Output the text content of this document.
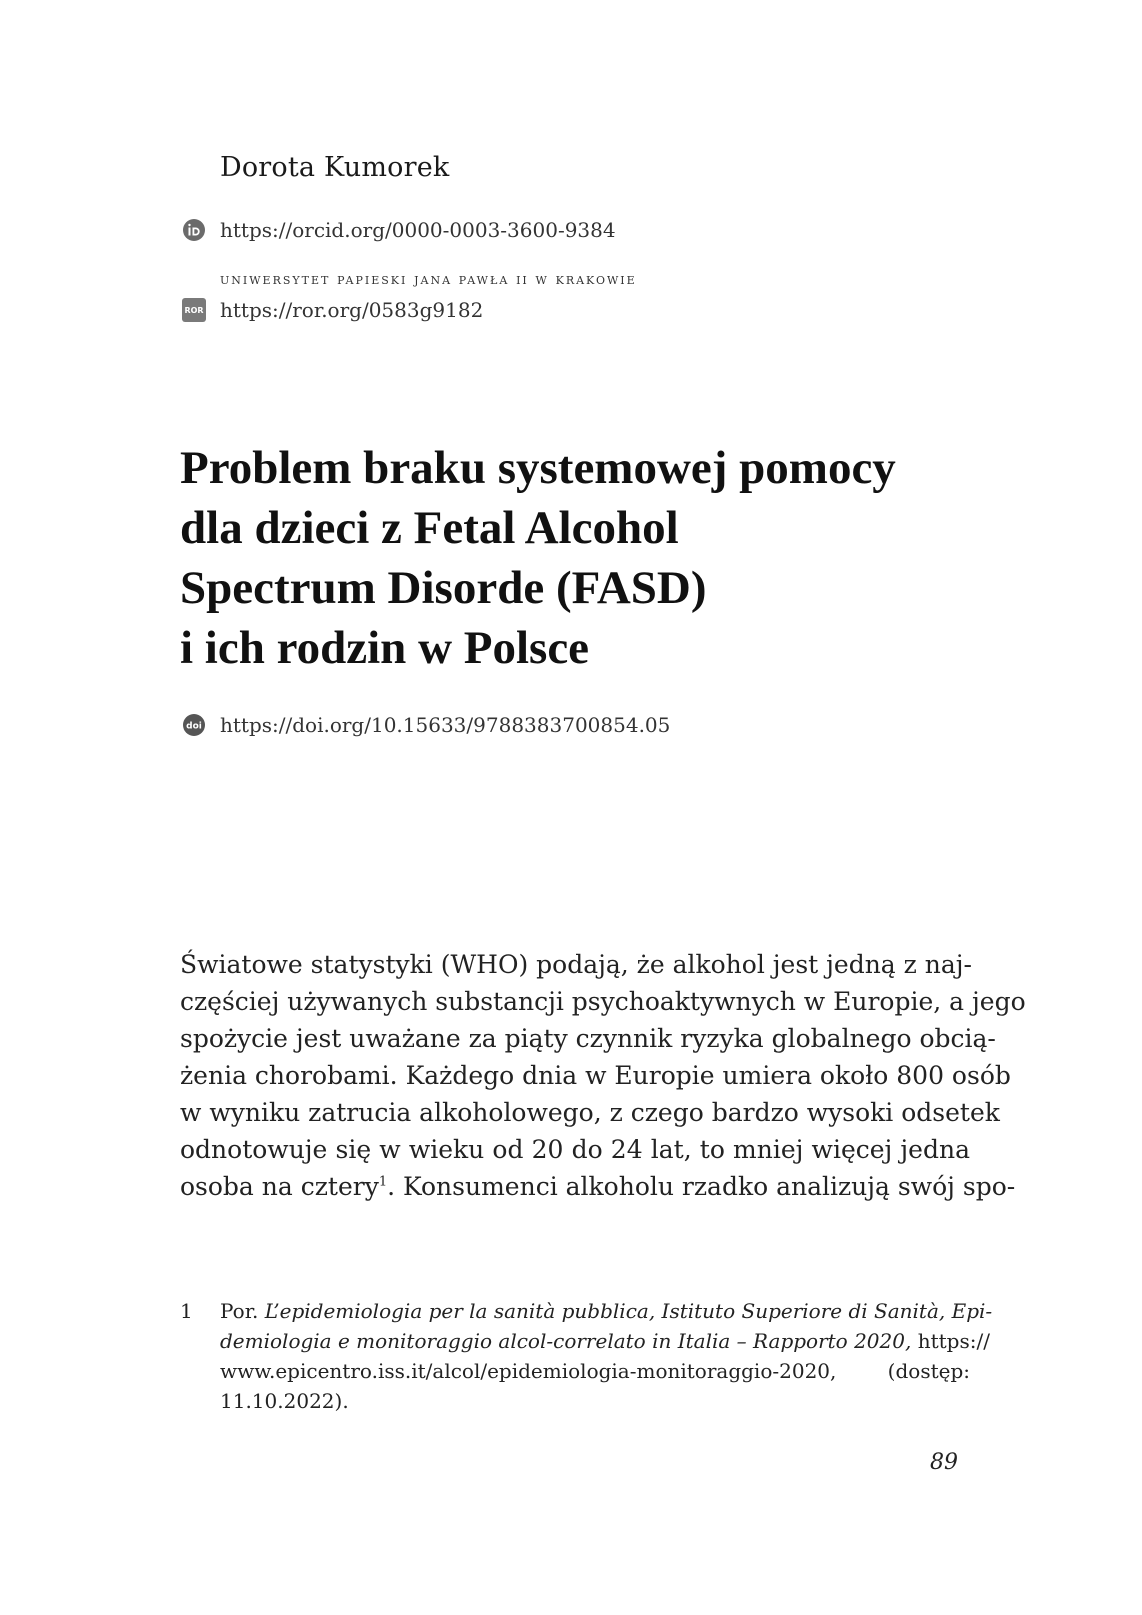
Dorota Kumorek
https://orcid.org/0000-0003-3600-9384
uniwersytet papieski jana pawła ii w krakowie
ROR https://ror.org/0583g9182
Problem braku systemowej pomocy
dla dzieci z Fetal Alcohol
Spectrum Disorde (FASD)
i ich rodzin w Polsce
doi https://doi.org/10.15633/9788383700854.05
Światowe statystyki (WHO) podają, że alkohol jest jedną z naj-
częściej używanych substancji psychoaktywnych w Europie, a jego
spożycie jest uważane za piąty czynnik ryzyka globalnego obcią-
żenia chorobami. Każdego dnia w Europie umiera około 800 osób
w wyniku zatrucia alkoholowego, z czego bardzo wysoki odsetek
odnotowuje się w wieku od 20 do 24 lat, to mniej więcej jedna
osoba na cztery$^1$. Konsumenci alkoholu rzadko analizują swój spo-
1 Por. L’epidemiologia per la sanità pubblica, Istituto Superiore di Sanità, Epi-
demiologia e monitoraggio alcol-correlato in Italia – Rapporto 2020, https://
www.epicentro.iss.it/alcol/epidemiologia-monitoraggio-2020, (dostęp:
11.10.2022).
89
